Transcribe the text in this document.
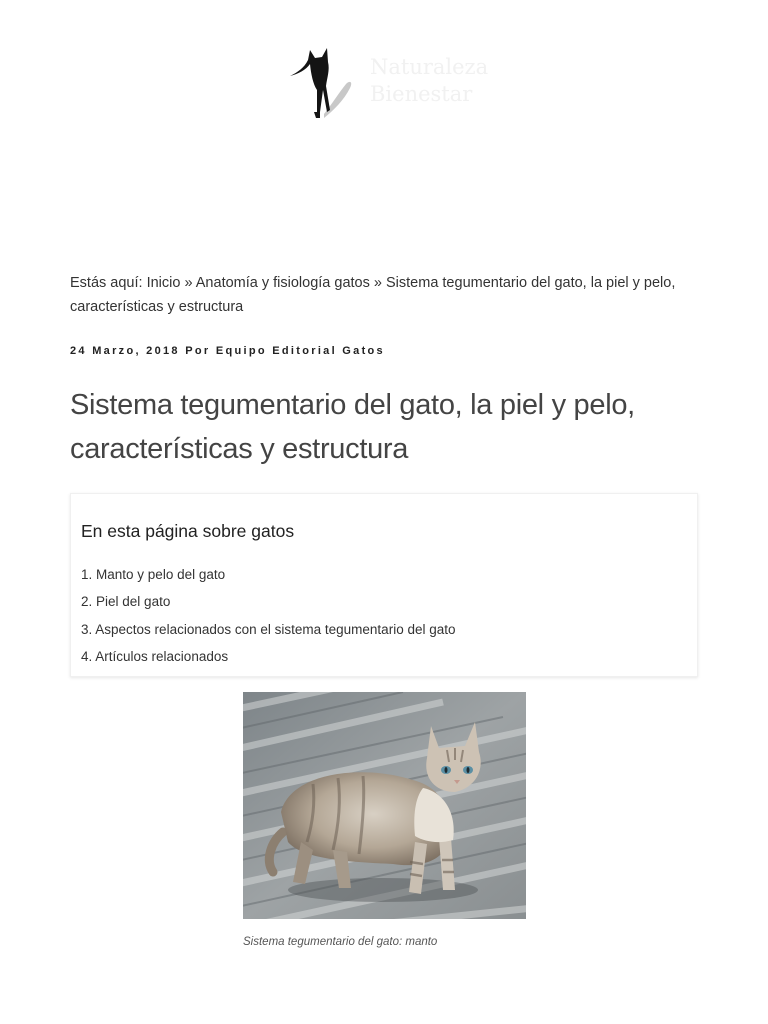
Naturaleza
Bienestar

Estás aquí: Inicio » Anatomía y fisiología gatos » Sistema tegumentario del gato, la piel y pelo, características y estructura

24 Marzo, 2018 Por Equipo Editorial Gatos

Sistema tegumentario del gato, la piel y pelo, características y estructura
En esta página sobre gatos
1. Manto y pelo del gato
2. Piel del gato
3. Aspectos relacionados con el sistema tegumentario del gato
4. Artículos relacionados
Sistema tegumentario del gato: manto
